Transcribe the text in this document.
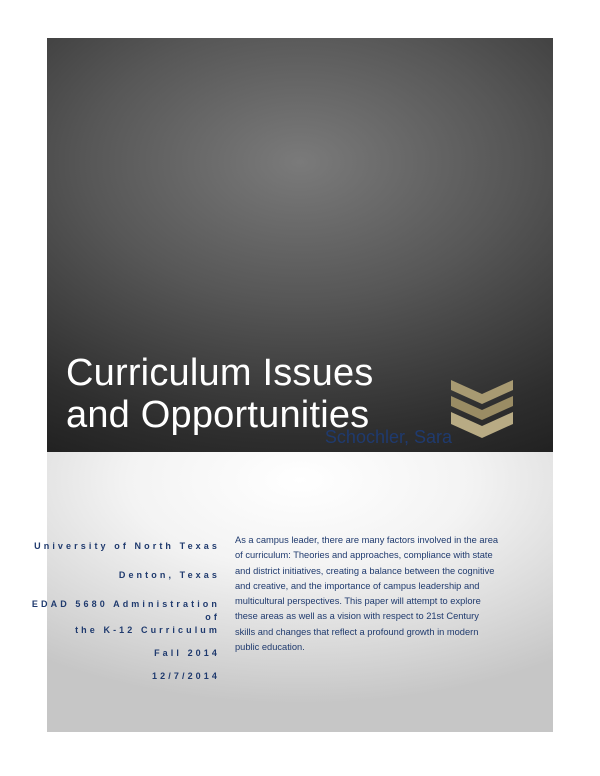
Curriculum Issues
and Opportunities
Schochler, Sara
University of North Texas
Denton, Texas
EDAD 5680 Administration of
the K-12 Curriculum
Fall 2014
12/7/2014
As a campus leader, there are many factors involved in the area of curriculum: Theories and approaches, compliance with state and district initiatives, creating a balance between the cognitive and creative, and the importance of campus leadership and multicultural perspectives. This paper will attempt to explore these areas as well as a vision with respect to 21st Century skills and changes that reflect a profound growth in modern public education.
